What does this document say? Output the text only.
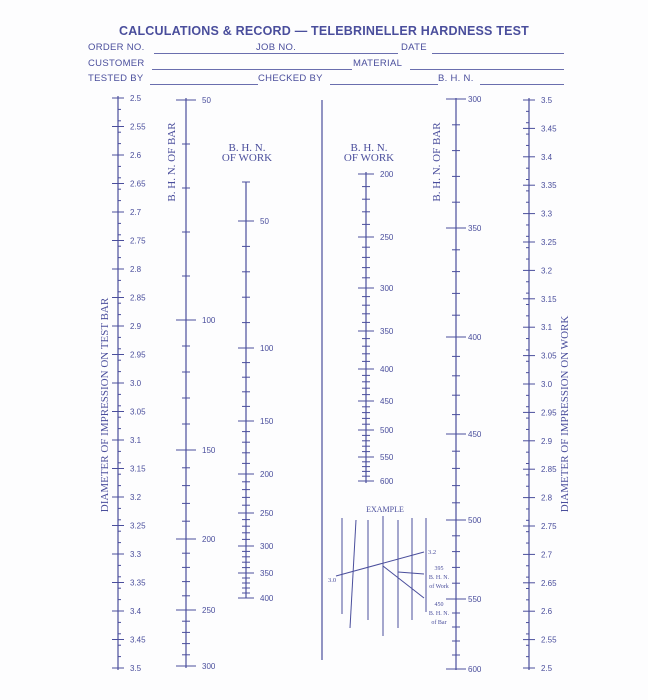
CALCULATIONS & RECORD — TELEBRINELLER HARDNESS TEST
ORDER NO.	JOB NO.	DATE
CUSTOMER	MATERIAL
TESTED BY	CHECKED BY	B. H. N.
2.5
2.55
2.6
2.65
2.7
2.75
2.8
2.85
2.9
2.95
3.0
3.05
3.1
3.15
3.2
3.25
3.3
3.35
3.4
3.45
3.5
50
100
150
200
250
300
50
100
150
200
250
300
350
400
200
250
300
350
400
450
500
550
600
300
350
400
450
500
550
600
3.5
3.45
3.4
3.35
3.3
3.25
3.2
3.15
3.1
3.05
3.0
2.95
2.9
2.85
2.8
2.75
2.7
2.65
2.6
2.55
2.5
DIAMETER OF IMPRESSION ON TEST BAR
B. H. N. OF BAR	B. H. N.
OF WORK
B. H. N.
OF WORK	B. H. N. OF BAR
DIAMETER OF IMPRESSION ON WORK
EXAMPLE
3.0
3.2
395
B. H. N.
of Work
450
B. H. N.
of Bar
